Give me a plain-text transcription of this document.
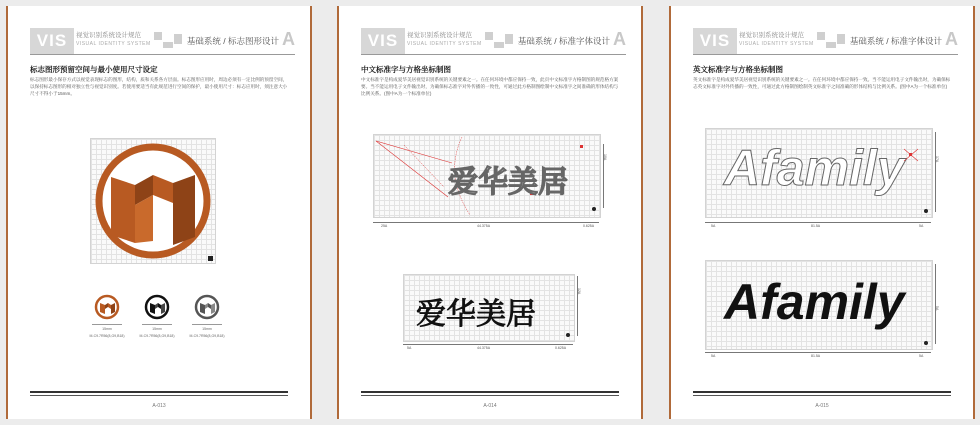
VIS	视觉识别系统设计规范
VISUAL IDENTITY SYSTEM	基础系统 / 标志图形设计 A
标志图形预留空间与最小使用尺寸设定
标志图形最小保存方式以视觉表现标志的图形，结构，质和关系各方层面。标志图形应用时，周边必须有一定比例的预留空间，以保持标志图形的相对独立性与视觉识别度。若使用要适当有此规范进行空间的保护，最小使用尺寸：标志应用时，须注意大小尺寸不得小于15mm。
15mm	15mm	15mm
M-C9.7R56(8,G9,B18)	M-C9.7R56(8,G9,B18)	M-C9.7R56(8,G9,B18)
A-013
VIS	视觉识别系统设计规范
VISUAL IDENTITY SYSTEM	基础系统 / 标准字体设计 A
中文标准字与方格坐标制图
中文标准字是构成爱华美居视觉识别系统的关键要素之一。在任何环境中都应保持一致，此页中文标准字方格制图的规范格方案要。当不能运用电子文件输出时，为确保标志准字对外传播的一致性，可通过此方格制图绘制中文标准字之间准确的形体结构与比例关系。(图中A为一个标准单位)
爱华美居
25A	44.375A	0.625A
10A
爱华美居
5A	44.375A	0.625A
12A
A-014
VIS	视觉识别系统设计规范
VISUAL IDENTITY SYSTEM	基础系统 / 标准字体设计 A
英文标准字与方格坐标制图
英文标准字是构成爱华美居视觉识别系统的关键要素之一。在任何环境中都应保持一致。当不能运用电子文件输出时，为确保标志英文标准字对外传播的一致性，可通过此方格制图绘制英文标准字之间准确的形体结构与比例关系。(图中A为一个标准单位)
Afamily
5A	81.5A	5A
17A
Afamily
5A	81.5A	5A
5A
A-015
